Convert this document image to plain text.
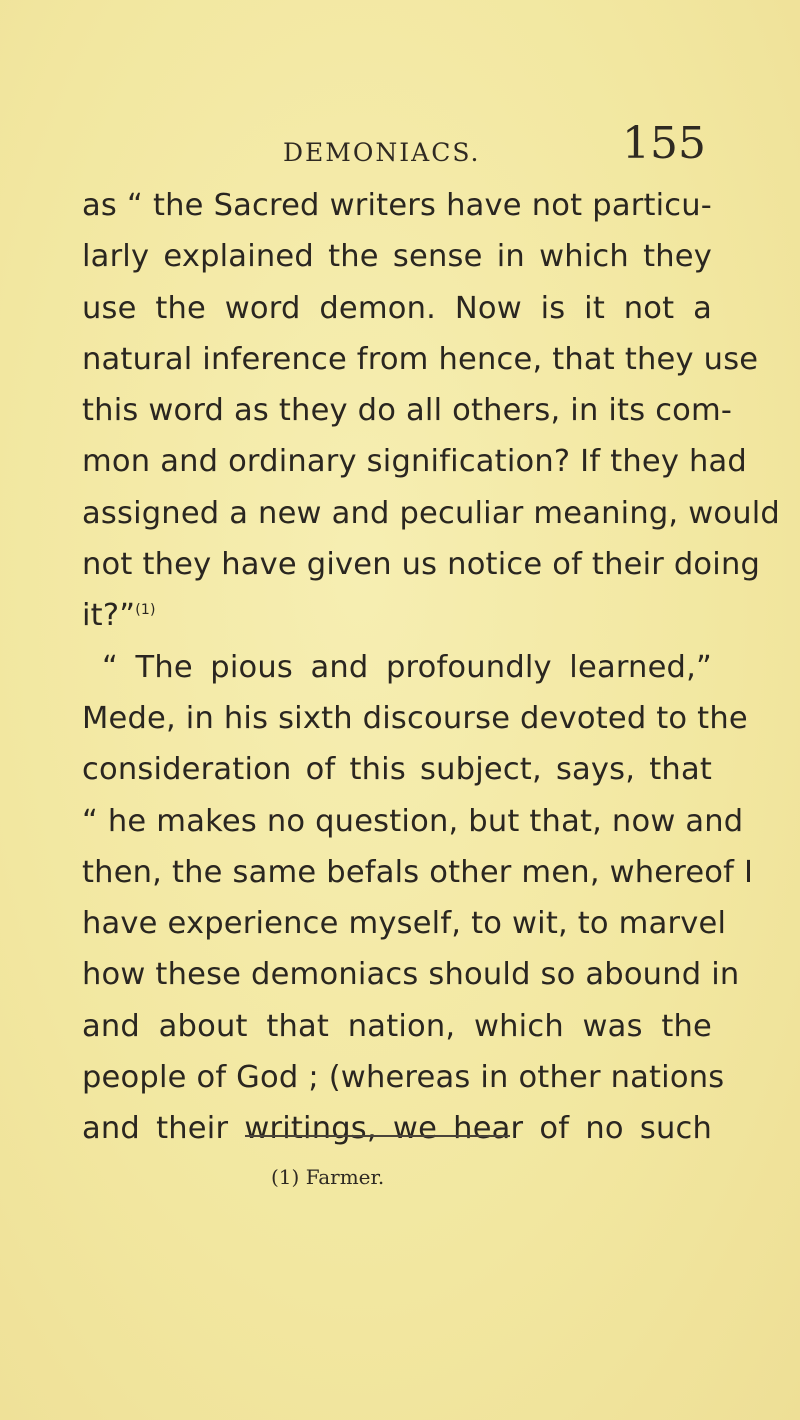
DEMONIACS.	155
as “ the Sacred writers have not particu-
larly explained the sense in which they
use the word demon. Now is it not a
natural inference from hence, that they use
this word as they do all others, in its com-
mon and ordinary signification? If they had
assigned a new and peculiar meaning, would
not they have given us notice of their doing
it?”$^{(1)}$
“ The pious and profoundly learned,”
Mede, in his sixth discourse devoted to the
consideration of this subject, says, that
“ he makes no question, but that, now and
then, the same befals other men, whereof I
have experience myself, to wit, to marvel
how these demoniacs should so abound in
and about that nation, which was the
people of God ; (whereas in other nations
and their writings, we hear of no such
(1) Farmer.
